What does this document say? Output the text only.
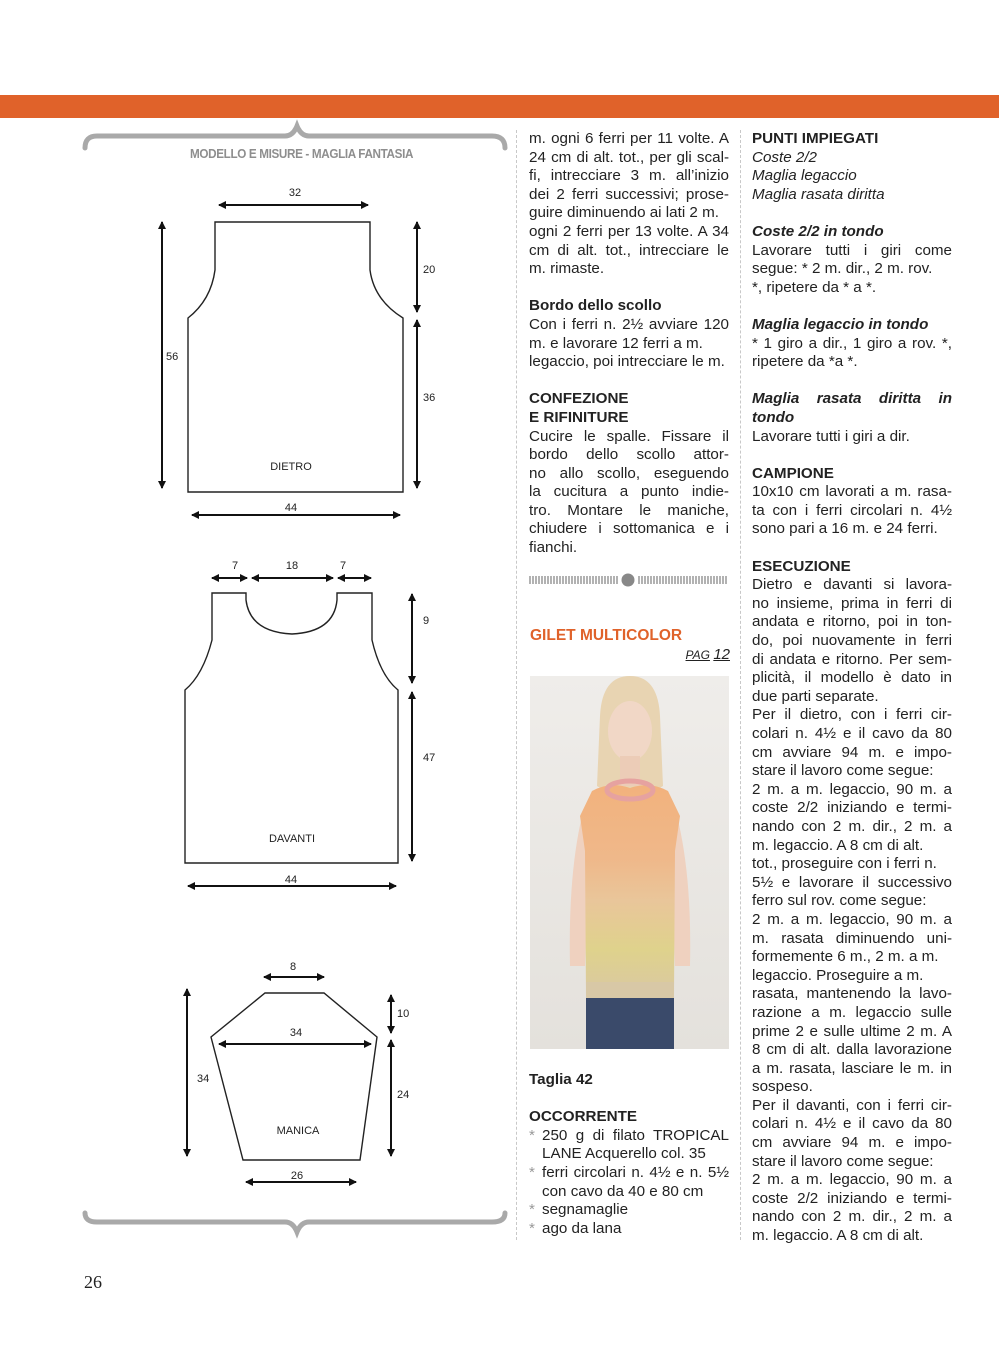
MODELLO E MISURE - MAGLIA FANTASIA
32
20
36
56
DIETRO
44
7	18	7
9
47
DAVANTI
44
8
34
10
24
34
MANICA
26

m. ogni 6 ferri per 11 volte. A

24 cm di alt. tot., per gli scal-

fi, intrecciare 3 m. all’inizio

dei 2 ferri successivi; prose-

guire diminuendo ai lati 2 m.

ogni 2 ferri per 13 volte. A 34

cm di alt. tot., intrecciare le

m. rimaste.

Bordo dello scollo

Con i ferri n. 2½ avviare 120

m. e lavorare 12 ferri a m.

legaccio, poi intrecciare le m.

CONFEZIONE

E RIFINITURE

Cucire le spalle. Fissare il

bordo dello scollo attor-

no allo scollo, eseguendo

la cucitura a punto indie-

tro. Montare le maniche,

chiudere i sottomanica e i

fianchi.

GILET MULTICOLOR

PAG 12

Taglia 42

OCCORRENTE

* 250 g di filato TROPICAL

LANE Acquerello col. 35

* ferri circolari n. 4½ e n. 5½

con cavo da 40 e 80 cm

* segnamaglie

* ago da lana

PUNTI IMPIEGATI

Coste 2/2

Maglia legaccio

Maglia rasata diritta

Coste 2/2 in tondo

Lavorare tutti i giri come

segue: * 2 m. dir., 2 m. rov.

*, ripetere da * a *.

Maglia legaccio in tondo

* 1 giro a dir., 1 giro a rov. *,

ripetere da *a *.

Maglia rasata diritta in

tondo

Lavorare tutti i giri a dir.

CAMPIONE

10x10 cm lavorati a m. rasa-

ta con i ferri circolari n. 4½

sono pari a 16 m. e 24 ferri.

ESECUZIONE

Dietro e davanti si lavora-

no insieme, prima in ferri di

andata e ritorno, poi in ton-

do, poi nuovamente in ferri

di andata e ritorno. Per sem-

plicità, il modello è dato in

due parti separate.

Per il dietro, con i ferri cir-

colari n. 4½ e il cavo da 80

cm avviare 94 m. e impo-

stare il lavoro come segue:

2 m. a m. legaccio, 90 m. a

coste 2/2 iniziando e termi-

nando con 2 m. dir., 2 m. a

m. legaccio. A 8 cm di alt.

tot., proseguire con i ferri n.

5½ e lavorare il successivo

ferro sul rov. come segue:

2 m. a m. legaccio, 90 m. a

m. rasata diminuendo uni-

formemente 6 m., 2 m. a m.

legaccio. Proseguire a m.

rasata, mantenendo la lavo-

razione a m. legaccio sulle

prime 2 e sulle ultime 2 m. A

8 cm di alt. dalla lavorazione

a m. rasata, lasciare le m. in

sospeso.

Per il davanti, con i ferri cir-

colari n. 4½ e il cavo da 80

cm avviare 94 m. e impo-

stare il lavoro come segue:

2 m. a m. legaccio, 90 m. a

coste 2/2 iniziando e termi-

nando con 2 m. dir., 2 m. a

m. legaccio. A 8 cm di alt.

26
